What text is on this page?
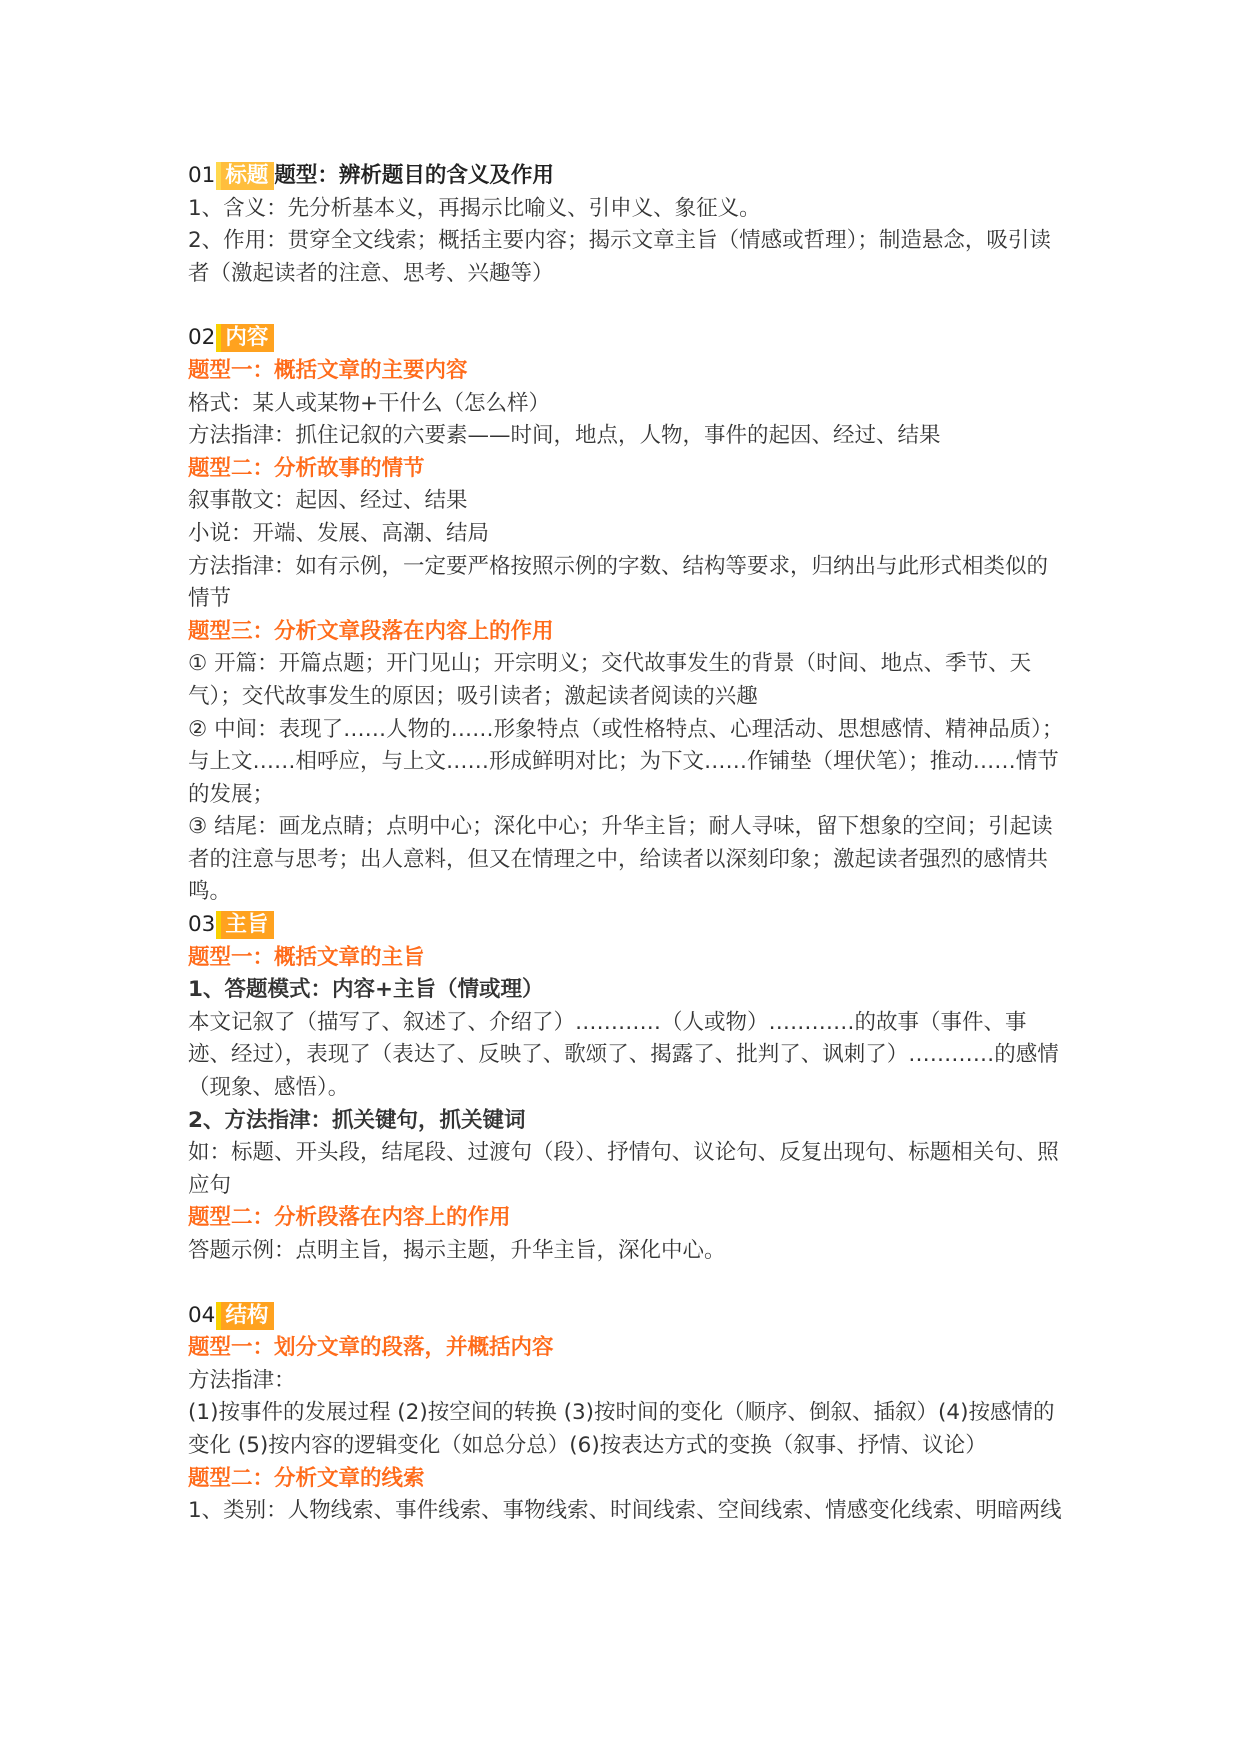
01 标题 题型：辨析题目的含义及作用
1、含义：先分析基本义，再揭示比喻义、引申义、象征义。
2、作用：贯穿全文线索；概括主要内容；揭示文章主旨（情感或哲理）；制造悬念，吸引读者（激起读者的注意、思考、兴趣等）
02 内容
题型一：概括文章的主要内容
格式：某人或某物+干什么（怎么样）
方法指津：抓住记叙的六要素——时间，地点，人物，事件的起因、经过、结果
题型二：分析故事的情节
叙事散文：起因、经过、结果
小说：开端、发展、高潮、结局
方法指津：如有示例，一定要严格按照示例的字数、结构等要求，归纳出与此形式相类似的情节
题型三：分析文章段落在内容上的作用
① 开篇：开篇点题；开门见山；开宗明义；交代故事发生的背景（时间、地点、季节、天气）；交代故事发生的原因；吸引读者；激起读者阅读的兴趣
② 中间：表现了……人物的……形象特点（或性格特点、心理活动、思想感情、精神品质）；与上文……相呼应，与上文……形成鲜明对比；为下文……作铺垫（埋伏笔）；推动……情节的发展；
③ 结尾：画龙点睛；点明中心；深化中心；升华主旨；耐人寻味，留下想象的空间；引起读者的注意与思考；出人意料，但又在情理之中，给读者以深刻印象；激起读者强烈的感情共鸣。
03 主旨
题型一：概括文章的主旨
1、答题模式：内容+主旨（情或理）
本文记叙了（描写了、叙述了、介绍了）…………（人或物）…………的故事（事件、事迹、经过），表现了（表达了、反映了、歌颂了、揭露了、批判了、讽刺了）…………的感情（现象、感悟）。
2、方法指津：抓关键句，抓关键词
如：标题、开头段，结尾段、过渡句（段）、抒情句、议论句、反复出现句、标题相关句、照应句
题型二：分析段落在内容上的作用
答题示例：点明主旨，揭示主题，升华主旨，深化中心。
04 结构
题型一：划分文章的段落，并概括内容
方法指津：
(1)按事件的发展过程 (2)按空间的转换 (3)按时间的变化（顺序、倒叙、插叙）(4)按感情的变化 (5)按内容的逻辑变化（如总分总）(6)按表达方式的变换（叙事、抒情、议论）
题型二：分析文章的线索
1、类别：人物线索、事件线索、事物线索、时间线索、空间线索、情感变化线索、明暗两线
